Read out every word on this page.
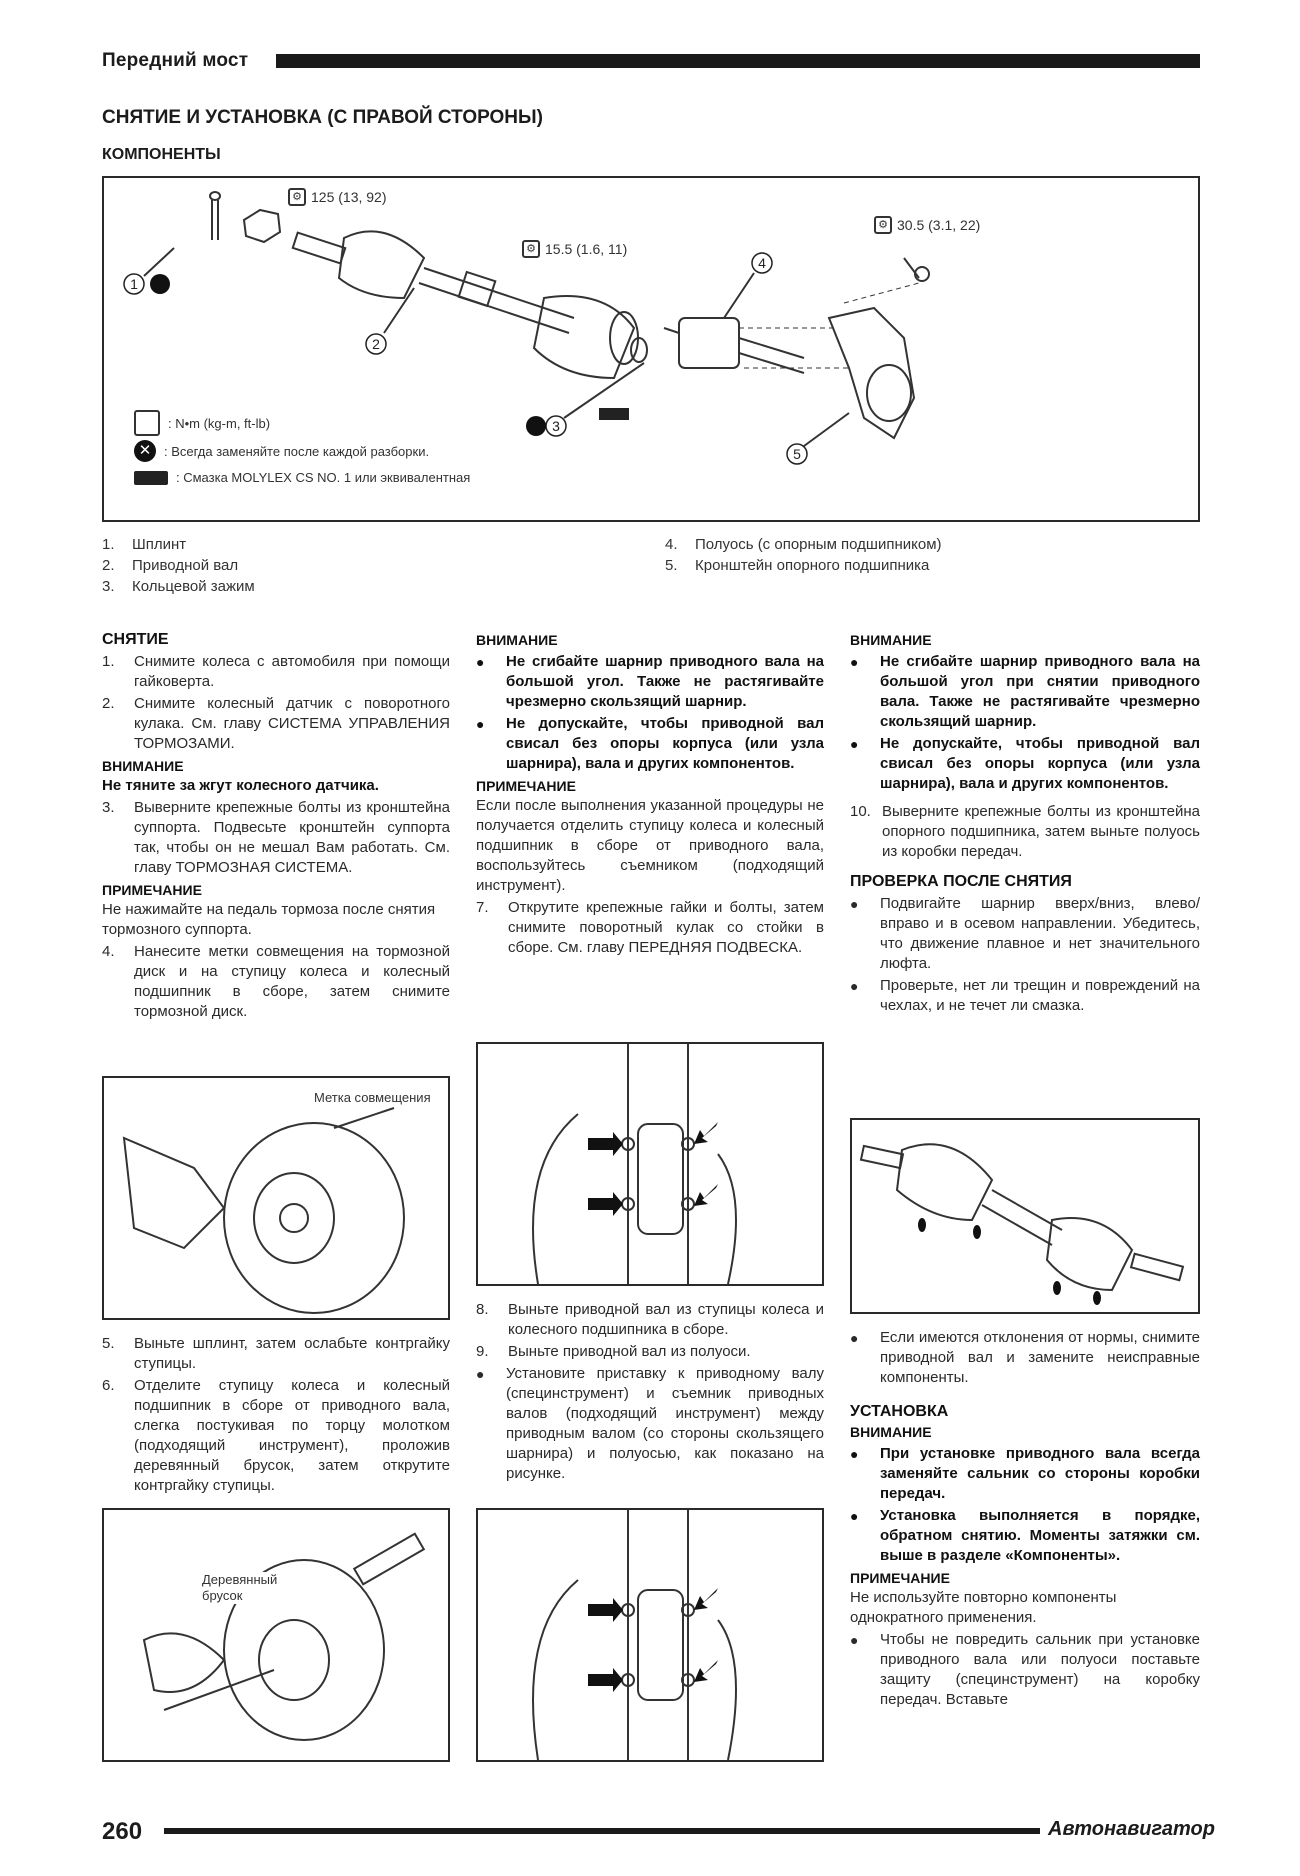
Передний мост
СНЯТИЕ И УСТАНОВКА (С ПРАВОЙ СТОРОНЫ)
КОМПОНЕНТЫ
1
2
3
4
5
⚙ 125 (13, 92)
⚙ 15.5 (1.6, 11)
⚙ 30.5 (3.1, 22)
: N•m (kg-m, ft-lb)
✕ : Всегда заменяйте после каждой разборки.
: Смазка MOLYLEX CS NO. 1 или эквивалентная
1. Шплинт
2. Приводной вал
3. Кольцевой зажим
4. Полуось (с опорным подшипником)
5. Кронштейн опорного подшипника

СНЯТИЕ

1.	Снимите колеса с автомобиля при помощи гайковерта.
2.	Снимите колесный датчик с поворотного кулака. См. главу СИСТЕМА УПРАВЛЕНИЯ ТОРМОЗАМИ.

ВНИМАНИЕ

Не тяните за жгут колесного датчика.

3.	Выверните крепежные болты из кронштейна суппорта. Подвесьте кронштейн суппорта так, чтобы он не мешал Вам работать. См. главу ТОРМОЗНАЯ СИСТЕМА.

ПРИМЕЧАНИЕ

Не нажимайте на педаль тормоза после снятия тормозного суппорта.

4.	Нанесите метки совмещения на тормозной диск и на ступицу колеса и колесный подшипник в сборе, затем снимите тормозной диск.
Метка совмещения
5.	Выньте шплинт, затем ослабьте контргайку ступицы.
6.	Отделите ступицу колеса и колесный подшипник в сборе от приводного вала, слегка постукивая по торцу молотком (подходящий инструмент), проложив деревянный брусок, затем открутите контргайку ступицы.
Деревянный брусок

ВНИМАНИЕ

●	Не сгибайте шарнир приводного вала на большой угол. Также не растягивайте чрезмерно скользящий шарнир.
●	Не допускайте, чтобы приводной вал свисал без опоры корпуса (или узла шарнира), вала и других компонентов.

ПРИМЕЧАНИЕ

Если после выполнения указанной процедуры не получается отделить ступицу колеса и колесный подшипник в сборе от приводного вала, воспользуйтесь съемником (подходящий инструмент).

7.	Открутите крепежные гайки и болты, затем снимите поворотный кулак со стойки в сборе. См. главу ПЕРЕДНЯЯ ПОДВЕСКА.
8.	Выньте приводной вал из ступицы колеса и колесного подшипника в сборе.
9.	Выньте приводной вал из полуоси.
●	Установите приставку к приводному валу (специнструмент) и съемник приводных валов (подходящий инструмент) между приводным валом (со стороны скользящего шарнира) и полуосью, как показано на рисунке.

ВНИМАНИЕ

●	Не сгибайте шарнир приводного вала на большой угол при снятии приводного вала. Также не растягивайте чрезмерно скользящий шарнир.
●	Не допускайте, чтобы приводной вал свисал без опоры корпуса (или узла шарнира), вала и других компонентов.
10. Выверните крепежные болты из кронштейна опорного подшипника, затем выньте полуось из коробки передач.

ПРОВЕРКА ПОСЛЕ СНЯТИЯ

●	Подвигайте шарнир вверх/вниз, влево/вправо и в осевом направлении. Убедитесь, что движение плавное и нет значительного люфта.
●	Проверьте, нет ли трещин и повреждений на чехлах, и не течет ли смазка.
●	Если имеются отклонения от нормы, снимите приводной вал и замените неисправные компоненты.

УСТАНОВКА

ВНИМАНИЕ

●	При установке приводного вала всегда заменяйте сальник со стороны коробки передач.
●	Установка выполняется в порядке, обратном снятию. Моменты затяжки см. выше в разделе «Компоненты».

ПРИМЕЧАНИЕ

Не используйте повторно компоненты однократного применения.

●	Чтобы не повредить сальник при установке приводного вала или полуоси поставьте защиту (специнструмент) на коробку передач. Вставьте
260	Автонавигатор
